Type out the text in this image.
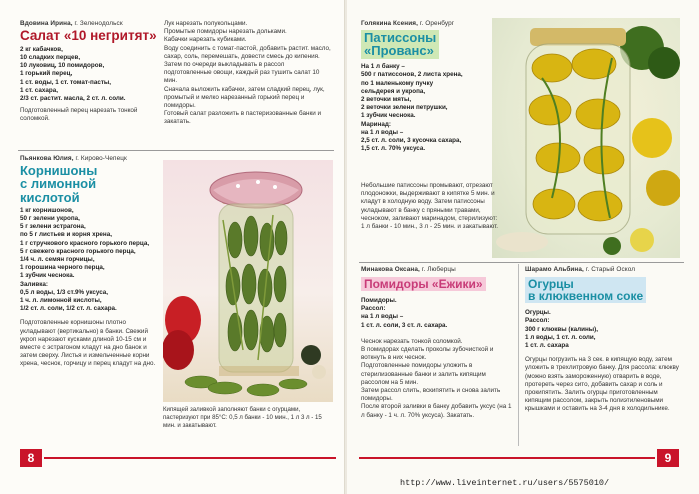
Вдовина Ирина, г. Зеленодольск
Салат «10 негритят»
2 кг кабачков,
10 сладких перцев,
10 луковиц, 10 помидоров,
1 горький перец,
1 ст. воды, 1 ст. томат-пасты,
1 ст. сахара,
2/3 ст. растит. масла, 2 ст. л. соли.
Подготовленный перец нарезать тонкой соломкой.
Лук нарезать полукольцами.
Промытые помидоры нарезать дольками.
Кабачки нарезать кубиками.
Воду соединить с томат-пастой, добавить растит. масло, сахар, соль, перемешать, довести смесь до кипения.
Затем по очереди выкладывать в рассол подготовленные овощи, каждый раз тушить салат 10 мин.
Сначала выложить кабачки, затем сладкий перец, лук, промытый и мелко нарезанный горький перец и помидоры.
Готовый салат разложить в пастеризованные банки и закатать.
Пьянкова Юлия, г. Кирово-Чепецк
Корнишоны
с лимонной
кислотой
1 кг корнишонов,
50 г зелени укропа,
5 г зелени эстрагона,
по 5 г листьев и корня хрена,
1 г стручкового красного горького перца,
5 г свежего красного горького перца,
1/4 ч. л. семян горчицы,
1 горошина черного перца,
1 зубчик чеснока.
Заливка:
0,5 л воды, 1/3 ст.9% уксуса,
1 ч. л. лимонной кислоты,
1/2 ст. л. соли, 1/2 ст. л. сахара.
Подготовленные корнишоны плотно укладывают (вертикально) в банки. Свежий укроп нарезают кусками длиной 10-15 см и вместе с эстрагоном кладут на дно банок и затем сверху. Листья и измельченные корни хрена, чеснок, горчицу и перец кладут на дно.
Кипящей заливкой заполняют банки с огурцами, пастеризуют при 85°С: 0,5 л банки - 10 мин., 1 л 3 л - 15 мин. и закатывают.
8
Голякина Ксения, г. Оренбург
Патиссоны
«Прованс»
На 1 л банку –
500 г патиссонов, 2 листа хрена,
по 1 маленькому пучку
сельдерея и укропа,
2 веточки мяты,
2 веточки зелени петрушки,
1 зубчик чеснока.
Маринад:
на 1 л воды –
2,5 ст. л. соли, 3 кусочка сахара,
1,5 ст. л. 70% уксуса.
Небольшие патиссоны промывают, отрезают плодоножки, выдерживают в кипятке 5 мин. и кладут в холодную воду. Затем патиссоны укладывают в банку с пряными травами, чесноком, заливают маринадом, стерилизуют: 1 л банки - 10 мин., 3 л - 25 мин. и закатывают.
Минакова Оксана, г. Люберцы
Помидоры «Ежики»
Помидоры.
Рассол:
на 1 л воды –
1 ст. л. соли, 3 ст. л. сахара.
Чеснок нарезать тонкой соломкой.
В помидорах сделать проколы зубочисткой и воткнуть в них чеснок.
Подготовленные помидоры уложить в стерилизованные банки и залить кипящим рассолом на 5 мин.
Затем рассол слить, вскипятить и снова залить помидоры.
После второй заливки в банку добавить уксус (на 1 л банку - 1 ч. л. 70% уксуса). Закатать.
Шарамо Альбина, г. Старый Оскол
Огурцы
в клюквенном соке
Огурцы.
Рассол:
300 г клюквы (калины),
1 л воды, 1 ст. л. соли,
1 ст. л. сахара
Огурцы погрузить на 3 сек. в кипящую воду, затем уложить в трехлитровую банку. Для рассола: клюкву (можно взять замороженную) отварить в воде, протереть через сито, добавить сахар и соль и прокипятить. Залить огурцы приготовленным кипящим рассолом, закрыть полиэтиленовыми крышками и оставить на 3-4 дня в холодильнике.
9
http://www.liveinternet.ru/users/5575010/
